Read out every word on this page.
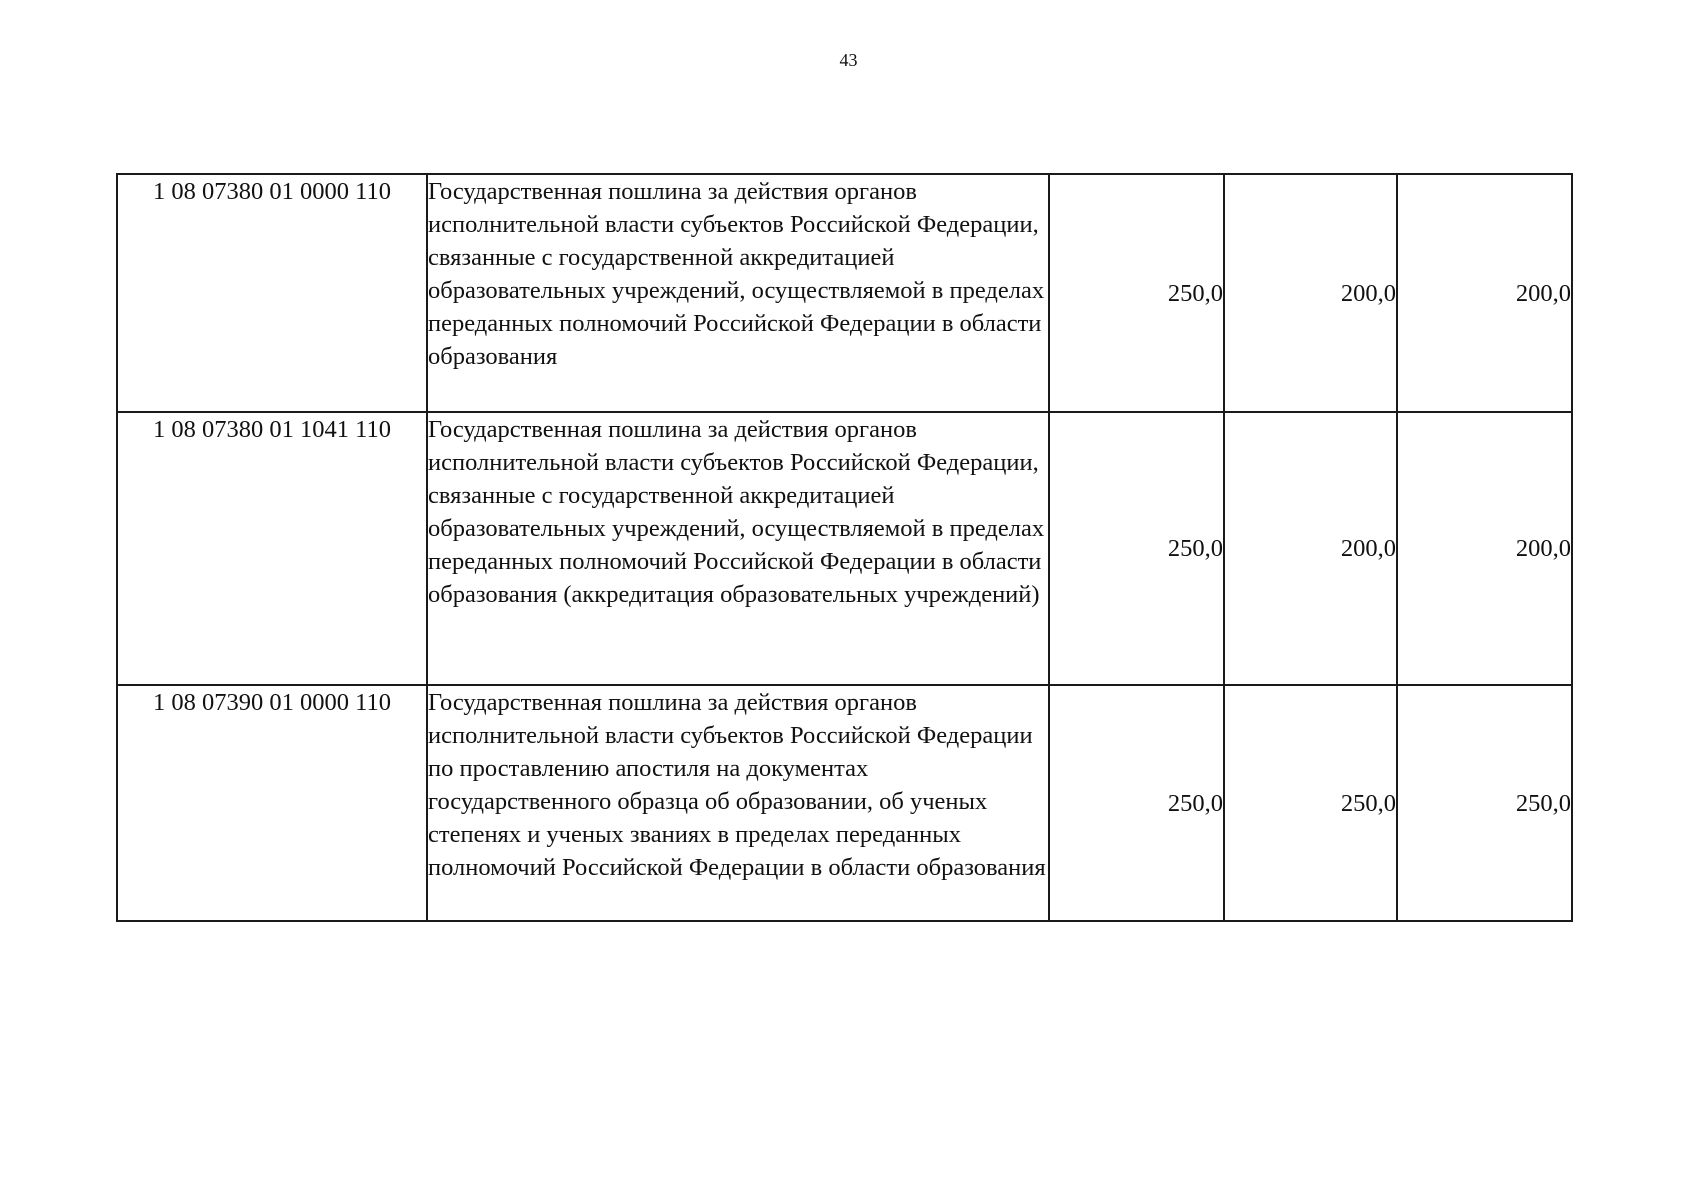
43
1 08 07380 01 0000 110	Государственная пошлина за действия органов исполнительной власти субъектов Российской Федерации, связанные с государственной аккредитацией образовательных учреждений, осуществляемой в пределах переданных полномочий Российской Федерации в области образования	250,0	200,0	200,0
1 08 07380 01 1041 110	Государственная пошлина за действия органов исполнительной власти субъектов Российской Федерации, связанные с государственной аккредитацией образовательных учреждений, осуществляемой в пределах переданных полномочий Российской Федерации в области образования (аккредитация образовательных учреждений)	250,0	200,0	200,0
1 08 07390 01 0000 110	Государственная пошлина за действия органов исполнительной власти субъектов Российской Федерации по проставлению апостиля на документах государственного образца об образовании, об ученых степенях и ученых званиях в пределах переданных полномочий Российской Федерации в области образования	250,0	250,0	250,0
